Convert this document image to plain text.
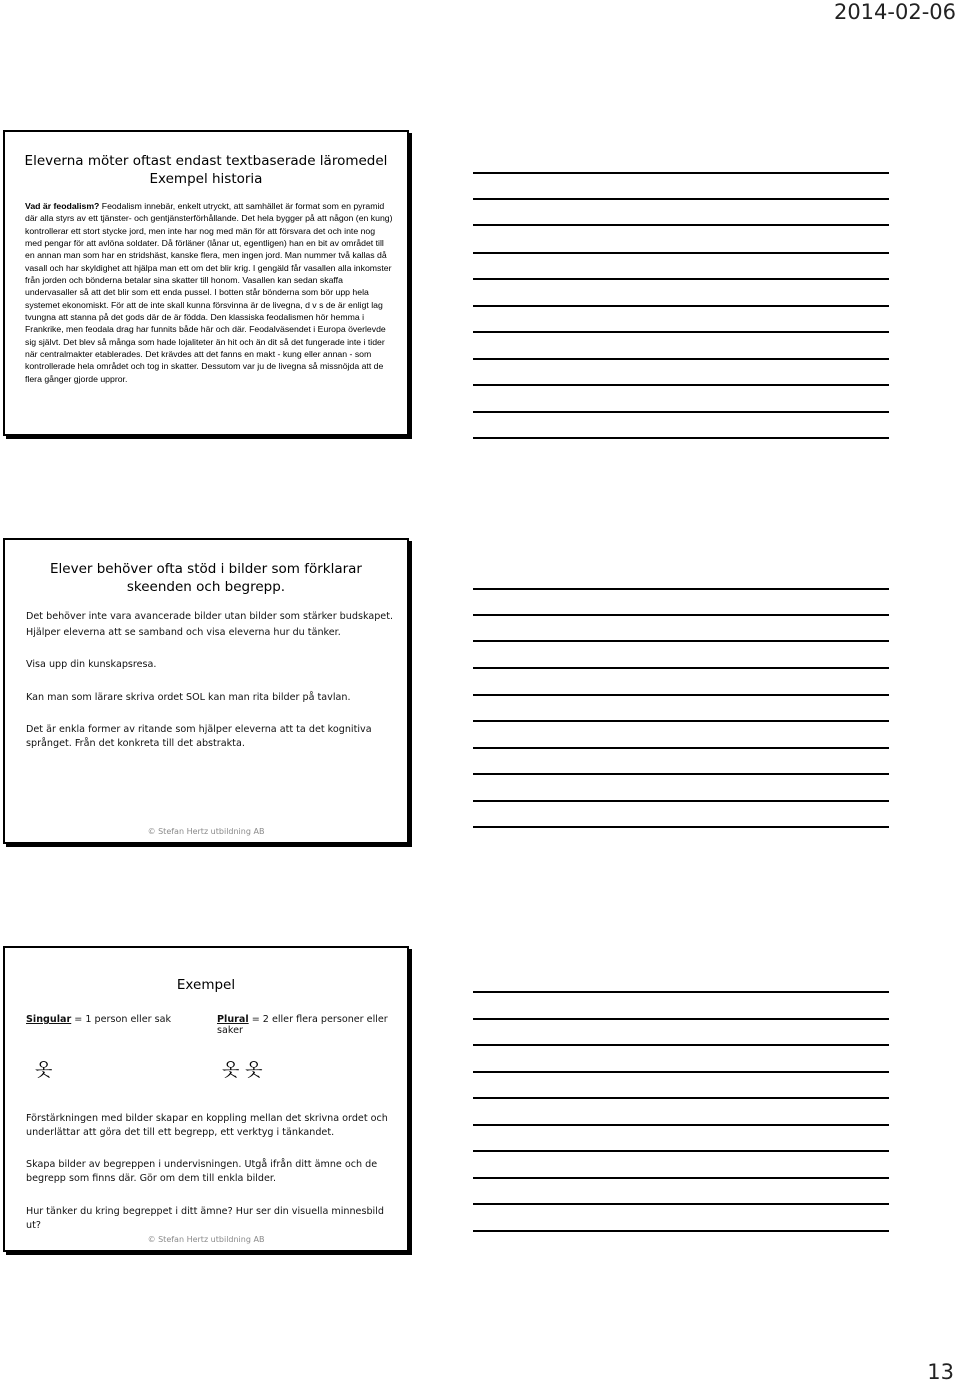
2014-02-06
Eleverna möter oftast endast textbaserade läromedel
Exempel historia
Vad är feodalism? Feodalism innebär, enkelt utryckt, att samhället är format som en pyramid där alla styrs av ett tjänster- och gentjänsterförhållande. Det hela bygger på att någon (en kung) kontrollerar ett stort stycke jord, men inte har nog med män för att försvara det och inte nog med pengar för att avlöna soldater. Då förläner (lånar ut, egentligen) han en bit av området till en annan man som har en stridshäst, kanske flera, men ingen jord. Man nummer två kallas då vasall och har skyldighet att hjälpa man ett om det blir krig. I gengäld får vasallen alla inkomster från jorden och bönderna betalar sina skatter till honom. Vasallen kan sedan skaffa undervasaller så att det blir som ett enda pussel. I botten står bönderna som bör upp hela systemet ekonomiskt. För att de inte skall kunna försvinna är de livegna, d v s de är enligt lag tvungna att stanna på det gods där de är födda. Den klassiska feodalismen hör hemma i Frankrike, men feodala drag har funnits både här och där. Feodalväsendet i Europa överlevde sig självt. Det blev så många som hade lojaliteter än hit och än dit så det fungerade inte i tider när centralmakter etablerades. Det krävdes att det fanns en makt - kung eller annan - som kontrollerade hela området och tog in skatter. Dessutom var ju de livegna så missnöjda att de flera gånger gjorde uppror.
Elever behöver ofta stöd i bilder som förklarar
skeenden och begrepp.
Det behöver inte vara avancerade bilder utan bilder som stärker budskapet.
Hjälper eleverna att se samband och visa eleverna hur du tänker.
Visa upp din kunskapsresa.
Kan man som lärare skriva ordet SOL kan man rita bilder på tavlan.
Det är enkla former av ritande som hjälper eleverna att ta det kognitiva
språnget. Från det konkreta till det abstrakta.
© Stefan Hertz utbildning AB
Exempel
Singular = 1 person eller sak	Plural = 2 eller flera personer eller saker
옷	옷 옷
Förstärkningen med bilder skapar en koppling mellan det skrivna ordet och
underlättar att göra det till ett begrepp, ett verktyg i tänkandet.
Skapa bilder av begreppen i undervisningen. Utgå ifrån ditt ämne och de
begrepp som finns där. Gör om dem till enkla bilder.
Hur tänker du kring begreppet i ditt ämne? Hur ser din visuella minnesbild ut?
© Stefan Hertz utbildning AB
13
